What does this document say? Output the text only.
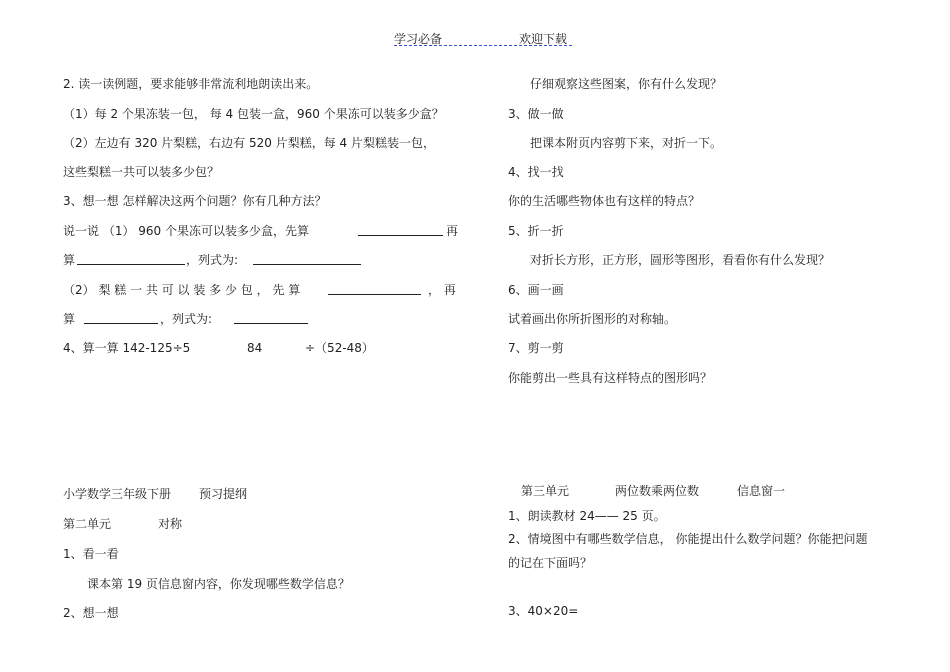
学习必备	欢迎下载
2. 读一读例题，要求能够非常流利地朗读出来。
（1）每 2 个果冻装一包， 每 4 包装一盒，960 个果冻可以装多少盒？
（2）左边有 320 片梨糕，右边有 520 片梨糕，每 4 片梨糕装一包，
这些梨糕一共可以装多少包？
3、想一想 怎样解决这两个问题？你有几种方法？
说一说 （1） 960 个果冻可以装多少盒，先算	再
算	，列式为:
（2） 梨 糕 一 共 可 以 装 多 少 包 ， 先 算	， 再
算	，列式为:
4、算一算 142-125÷5	84	÷（52-48）
仔细观察这些图案，你有什么发现？
3、做一做
把课本附页内容剪下来，对折一下。
4、找一找
你的生活哪些物体也有这样的特点？
5、折一折
对折长方形，正方形，圆形等图形，看看你有什么发现？
6、画一画
试着画出你所折图形的对称轴。
7、剪一剪
你能剪出一些具有这样特点的图形吗？
小学数学三年级下册 预习提纲
第二单元	对称
1、看一看
课本第 19 页信息窗内容，你发现哪些数学信息？
2、想一想
第三单元	两位数乘两位数	信息窗一
1、朗读教材 24—— 25 页。
2、情境图中有哪些数学信息， 你能提出什么数学问题？你能把问题
的记在下面吗？
3、40×20=
